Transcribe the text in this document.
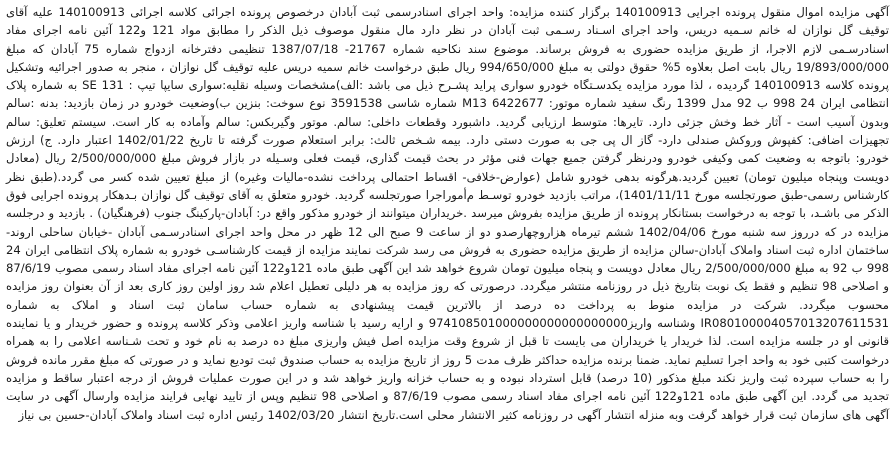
آگهی مزایده اموال منقول پرونده اجرایی 140100913 برگزار کننده مزایده: واحد اجرای اسنادرسمی ثبت آبادان درخصوص پرونده اجرائی کلاسه اجرائی 140100913 علیه آقای توقیف گل نوازان له خانم سـمیه دریس، واحد اجرای اسـناد رسـمی ثبت آبادان در نظر دارد مال منقول موصوف ذیل الذکر را مطابق مواد 121 و122 آئین نامه اجرای مفاد اسنادرسـمی لازم الاجرا، از طریق مزایده حضوری به فروش برساند. موضوع سند نکاحیه شماره 21767- 1387/07/18 تنظیمی دفترخانه ازدواج شماره 75 آبادان که مبلغ 19/893/000/000 ریال بابت اصل بعلاوه 5% حقوق دولتی به مبلغ 994/650/000 ریال طبق درخواست خانم سمیه دریس علیه توقیف گل نوازان ، منجر به صدور اجرائیه وتشکیل پرونده کلاسه 140100913 گردیده ، لذا مورد مزایده یکدسـتگاه خودرو سواری پراید پشـرح ذیل می باشد :الف)مشخصات وسیله نقلیه:سواری سایپا تیپ : SE 131 به شماره پلاک انتظامی ایران 24 998 ب 92 مدل 1399 رنگ سفید شماره موتور: 6422677 M13 شماره شاسی 3591538 نوع سوخت: بنزین ب)وضعیت خودرو در زمان بازدید: بدنه :سالم وبدون آسیب است - آثار خط وخش جزئی دارد. تایرها: متوسط ارزیابی گردید. داشبورد وقطعات داخلی: سالم. موتور وگیربکس: سالم وآماده به کار است. سیستم تعلیق: سالم تجهیزات اضافی: کفپوش وروکش صندلی دارد- گاز ال پی جی به صورت دستی دارد. بیمه شـخص ثالث: برابر استعلام صورت گرفته تا تاریخ 1402/01/22 اعتبار دارد. ج) ارزش خودرو: باتوجه به وضعیت کمی وکیفی خودرو ودرنظر گرفتن جمیع جهات فنی مؤثر در بحث قیمت گذاری، قیمت فعلی وسـیله در بازار فروش مبلغ 2/500/000/000 ریال (معادل دویست وپنجاه میلیون تومان) تعیین گردید.هرگونه بدهی خودرو شامل (عوارض-خلافی- اقساط احتمالی پرداخت نشده-مالیات وغیره) از مبلغ تعیین شده کسر می گردد.(طبق نظر کارشناس رسمی-طبق صورتجلسه مورخ 1401/11/11)، مراتب بازدید خودرو توسـط م‌أموراجرا صورتجلسه گردید. خودرو متعلق به آقای توقیف گل نوازان بـدهکار پرونده اجرایی فوق الذکر می باشـد، با توجه به درخواست بستانکار پرونده از طریق مزایده بفروش میرسد .خریداران میتوانند از خودرو مذکور واقع در: آبادان-پارکینگ جنوب (فرهنگیان) . بازدید و درجلسه مزایده در که درروز سه شنبه مورخ 1402/04/06 ششم تیرماه هزاروچهارصدو دو از ساعت 9 صبح الی 12 ظهر در محل واحد اجرای اسنادرسـمی آبادان -خیابان ساحلی اروند-ساختمان اداره ثبت اسناد واملاک آبادان-سالن مزایده از طریق مزایده حضوری به فروش می رسد شرکت نمایند مزایده از قیمت کارشناسـی خودرو به شماره پلاک انتظامی ایران 24 998 ب 92 به مبلغ 2/500/000/000 ریال معادل دویست و پنجاه میلیون تومان شروع خواهد شد این آگهی طبق ماده 121و122 آئین نامه اجرای مفاد اسناد رسمی مصوب 87/6/19 و اصلاحی 98 تنظیم و فقط یک نوبت بتاریخ ذیل در روزنامه منتشر میگردد. درصورتی که روز مزایده به هر دلیلی تعطیل اعلام شد روز اولین روز کاری بعد از آن بعنوان روز مزایده محسوب میگردد. شرکت در مزایده منوط به پرداخت ده درصد از بالاترین قیمت پیشنهادی به شماره حساب سامان ثبت اسناد و املاک به شماره IR080100004057013207611531 وشناسه واریز974108501000000000000000000 و ارایه رسید با شناسه واریز اعلامی وذکر کلاسه پرونده و حضور خریدار و یا نماینده قانونی او در جلسه مزایده است. لذا خریدار یا خریداران می بایست تا قبل از شروع وقت مزایده اصل فیش واریزی مبلغ ده درصد به نام خود و تحت شـناسه اعلامی را به همراه درخواست کتبی خود به واحد اجرا تسلیم نماید. ضمنا برنده مزایده حداکثر ظرف مدت 5 روز از تاریخ مزایده به حساب صندوق ثبت تودیع نماید و در صورتی که مبلغ مقرر مانده فروش را به حساب سپرده ثبت واریز نکند مبلغ مذکور (10 درصد) قابل استرداد نبوده و به حساب خزانه واریز خواهد شد و در این صورت عملیات فروش از درجه اعتبار ساقط و مزایده تجدید می گردد. این آگهی طبق ماده 121و122 آئین نامه اجرای مفاد اسناد رسمی مصوب 87/6/19 و اصلاحی 98 تنظیم وپس از تایید نهایی فرایند مزایده وارسال آگهی در سایت آگهی های سازمان ثبت قرار خواهد گرفت وبه منزله انتشار آگهی در روزنامه کثیر الانتشار محلی است.تاریخ انتشار 1402/03/20 رئیس اداره ثبت اسناد واملاک آبادان-حسین بی نیاز
